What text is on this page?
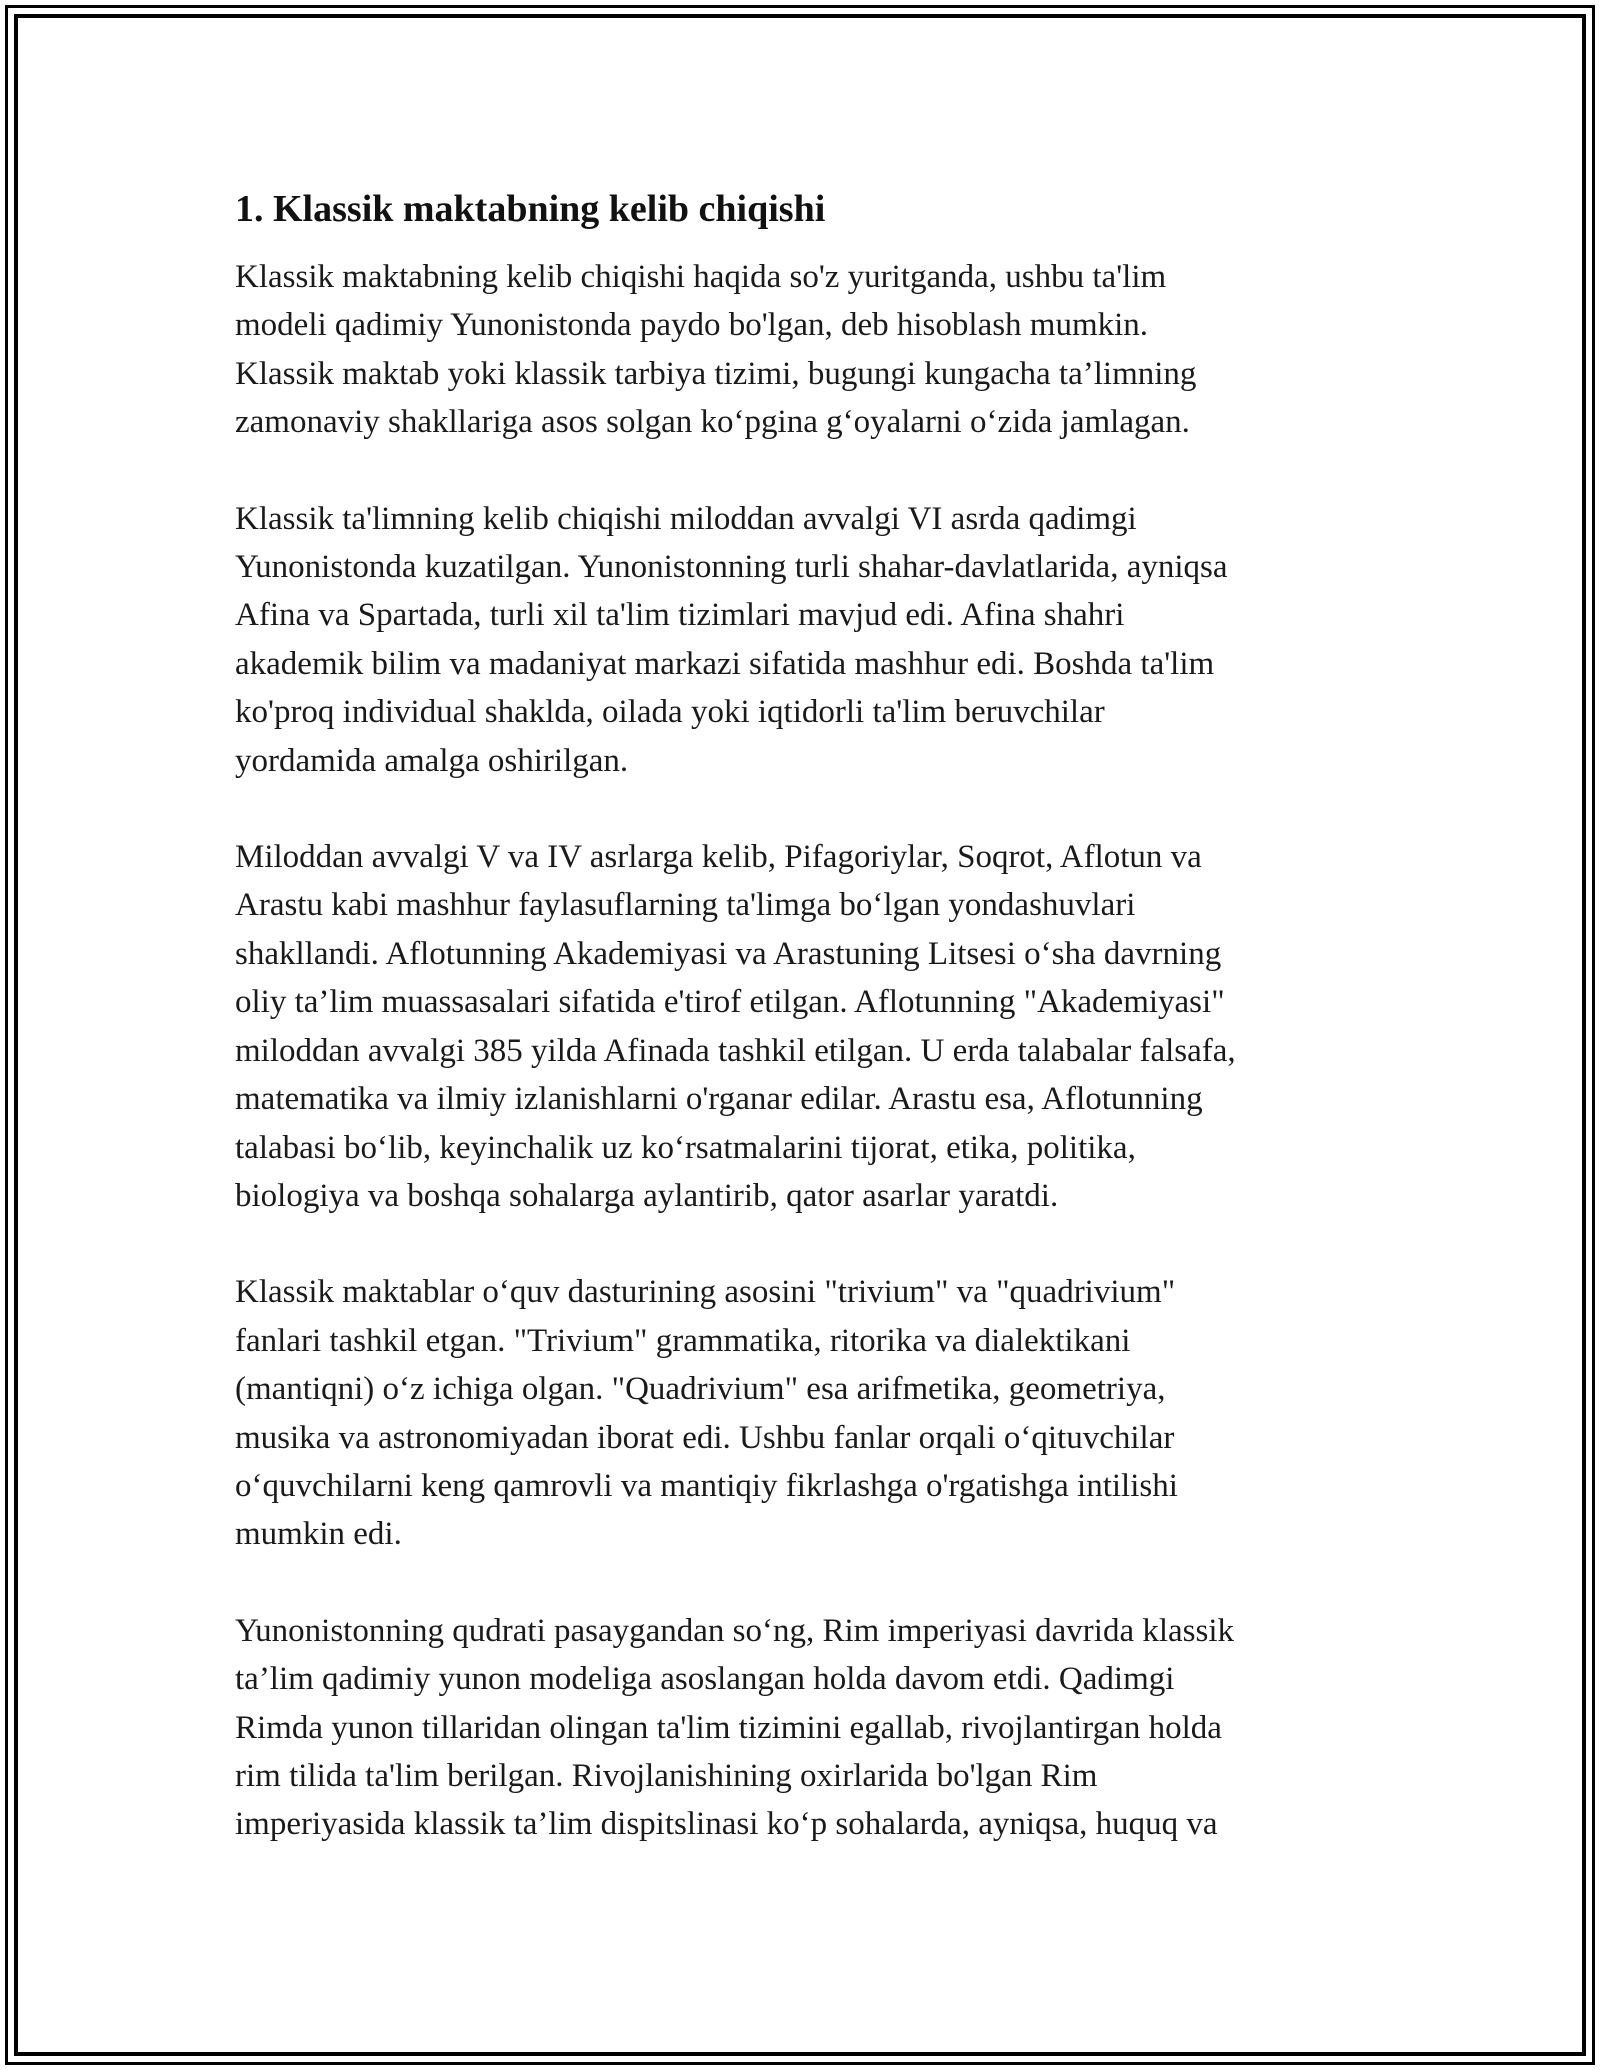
1. Klassik maktabning kelib chiqishi

Klassik maktabning kelib chiqishi haqida so'z yuritganda, ushbu ta'lim
modeli qadimiy Yunonistonda paydo bo'lgan, deb hisoblash mumkin.
Klassik maktab yoki klassik tarbiya tizimi, bugungi kungacha ta’limning
zamonaviy shakllariga asos solgan koʻpgina gʻoyalarni oʻzida jamlagan.

Klassik ta'limning kelib chiqishi miloddan avvalgi VI asrda qadimgi
Yunonistonda kuzatilgan. Yunonistonning turli shahar-davlatlarida, ayniqsa
Afina va Spartada, turli xil ta'lim tizimlari mavjud edi. Afina shahri
akademik bilim va madaniyat markazi sifatida mashhur edi. Boshda ta'lim
ko'proq individual shaklda, oilada yoki iqtidorli ta'lim beruvchilar
yordamida amalga oshirilgan.

Miloddan avvalgi V va IV asrlarga kelib, Pifagoriylar, Soqrot, Aflotun va
Arastu kabi mashhur faylasuflarning ta'limga boʻlgan yondashuvlari
shakllandi. Aflotunning Akademiyasi va Arastuning Litsesi oʻsha davrning
oliy ta’lim muassasalari sifatida e'tirof etilgan. Aflotunning "Akademiyasi"
miloddan avvalgi 385 yilda Afinada tashkil etilgan. U erda talabalar falsafa,
matematika va ilmiy izlanishlarni o'rganar edilar. Arastu esa, Aflotunning
talabasi boʻlib, keyinchalik uz koʻrsatmalarini tijorat, etika, politika,
biologiya va boshqa sohalarga aylantirib, qator asarlar yaratdi.

Klassik maktablar oʻquv dasturining asosini "trivium" va "quadrivium"
fanlari tashkil etgan. "Trivium" grammatika, ritorika va dialektikani
(mantiqni) oʻz ichiga olgan. "Quadrivium" esa arifmetika, geometriya,
musika va astronomiyadan iborat edi. Ushbu fanlar orqali oʻqituvchilar
oʻquvchilarni keng qamrovli va mantiqiy fikrlashga o'rgatishga intilishi
mumkin edi.

Yunonistonning qudrati pasaygandan soʻng, Rim imperiyasi davrida klassik
ta’lim qadimiy yunon modeliga asoslangan holda davom etdi. Qadimgi
Rimda yunon tillaridan olingan ta'lim tizimini egallab, rivojlantirgan holda
rim tilida ta'lim berilgan. Rivojlanishining oxirlarida bo'lgan Rim
imperiyasida klassik ta’lim dispitslinasi koʻp sohalarda, ayniqsa, huquq va
